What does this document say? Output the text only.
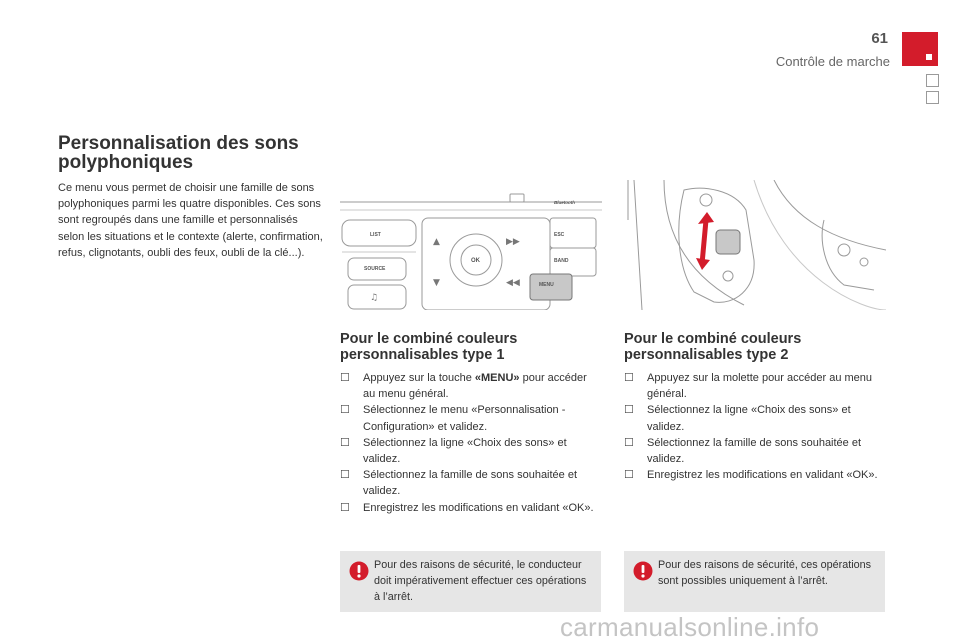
61
Contrôle de marche
Personnalisation des sons polyphoniques
Ce menu vous permet de choisir une famille de sons polyphoniques parmi les quatre disponibles. Ces sons sont regroupés dans une famille et personnalisés selon les situations et le contexte (alerte, confirmation, refus, clignotants, oubli des feux, oubli de la clé...).
LIST
SOURCE
OK
ESC
BAND
MENU
Bluetooth
▲
▼
▶▶
◀◀
♫
Pour le combiné couleurs personnalisables type 1
☐ Appuyez sur la touche «MENU» pour accéder au menu général.
☐ Sélectionnez le menu «Personnalisation - Configuration» et validez.
☐ Sélectionnez la ligne «Choix des sons» et validez.
☐ Sélectionnez la famille de sons souhaitée et validez.
☐ Enregistrez les modifications en validant «OK».
Pour des raisons de sécurité, le conducteur doit impérativement effectuer ces opérations à l’arrêt.
Pour le combiné couleurs personnalisables type 2
☐ Appuyez sur la molette pour accéder au menu général.
☐ Sélectionnez la ligne «Choix des sons» et validez.
☐ Sélectionnez la famille de sons souhaitée et validez.
☐ Enregistrez les modifications en validant «OK».
Pour des raisons de sécurité, ces opérations sont possibles uniquement à l’arrêt.
carmanualsonline.info
